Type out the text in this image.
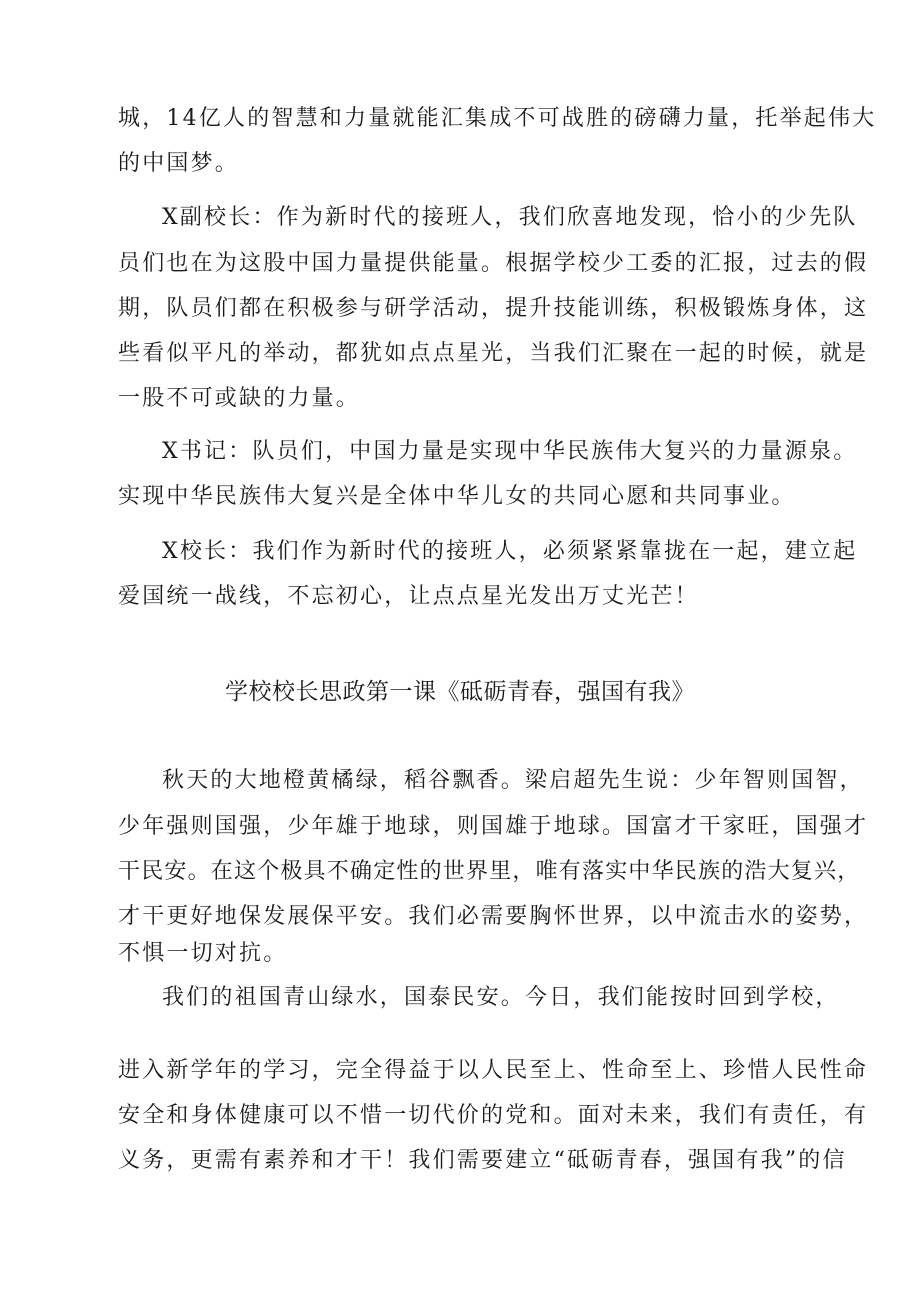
城，14亿人的智慧和力量就能汇集成不可战胜的磅礴力量，托举起伟大
的中国梦。
X副校长：作为新时代的接班人，我们欣喜地发现，恰小的少先队
员们也在为这股中国力量提供能量。根据学校少工委的汇报，过去的假
期，队员们都在积极参与研学活动，提升技能训练，积极锻炼身体，这
些看似平凡的举动，都犹如点点星光，当我们汇聚在一起的时候，就是
一股不可或缺的力量。
X书记：队员们，中国力量是实现中华民族伟大复兴的力量源泉。
实现中华民族伟大复兴是全体中华儿女的共同心愿和共同事业。
X校长：我们作为新时代的接班人，必须紧紧靠拢在一起，建立起
爱国统一战线，不忘初心，让点点星光发出万丈光芒！
学校校长思政第一课《砥砺青春，强国有我》
秋天的大地橙黄橘绿，稻谷飘香。梁启超先生说：少年智则国智，
少年强则国强，少年雄于地球，则国雄于地球。国富才干家旺，国强才
干民安。在这个极具不确定性的世界里，唯有落实中华民族的浩大复兴，
才干更好地保发展保平安。我们必需要胸怀世界，以中流击水的姿势，
不惧一切对抗。
我们的祖国青山绿水，国泰民安。今日，我们能按时回到学校，
进入新学年的学习，完全得益于以人民至上、性命至上、珍惜人民性命
安全和身体健康可以不惜一切代价的党和。面对未来，我们有责任，有
义务，更需有素养和才干！我们需要建立“砥砺青春，强国有我”的信
